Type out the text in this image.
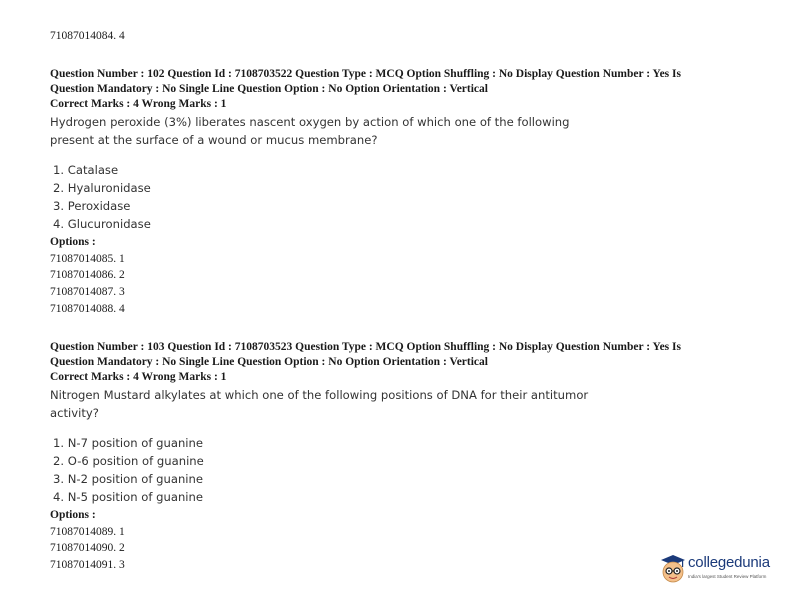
71087014084. 4
Question Number : 102 Question Id : 7108703522 Question Type : MCQ Option Shuffling : No Display Question Number : Yes Is
Question Mandatory : No Single Line Question Option : No Option Orientation : Vertical
Correct Marks : 4 Wrong Marks : 1
Hydrogen peroxide (3%) liberates nascent oxygen by action of which one of the following
present at the surface of a wound or mucus membrane?
1. Catalase
2. Hyaluronidase
3. Peroxidase
4. Glucuronidase
Options :
71087014085. 1
71087014086. 2
71087014087. 3
71087014088. 4
Question Number : 103 Question Id : 7108703523 Question Type : MCQ Option Shuffling : No Display Question Number : Yes Is
Question Mandatory : No Single Line Question Option : No Option Orientation : Vertical
Correct Marks : 4 Wrong Marks : 1
Nitrogen Mustard alkylates at which one of the following positions of DNA for their antitumor
activity?
1. N-7 position of guanine
2. O-6 position of guanine
3. N-2 position of guanine
4. N-5 position of guanine
Options :
71087014089. 1
71087014090. 2
71087014091. 3	collegedunia
India's largest Student Review Platform
